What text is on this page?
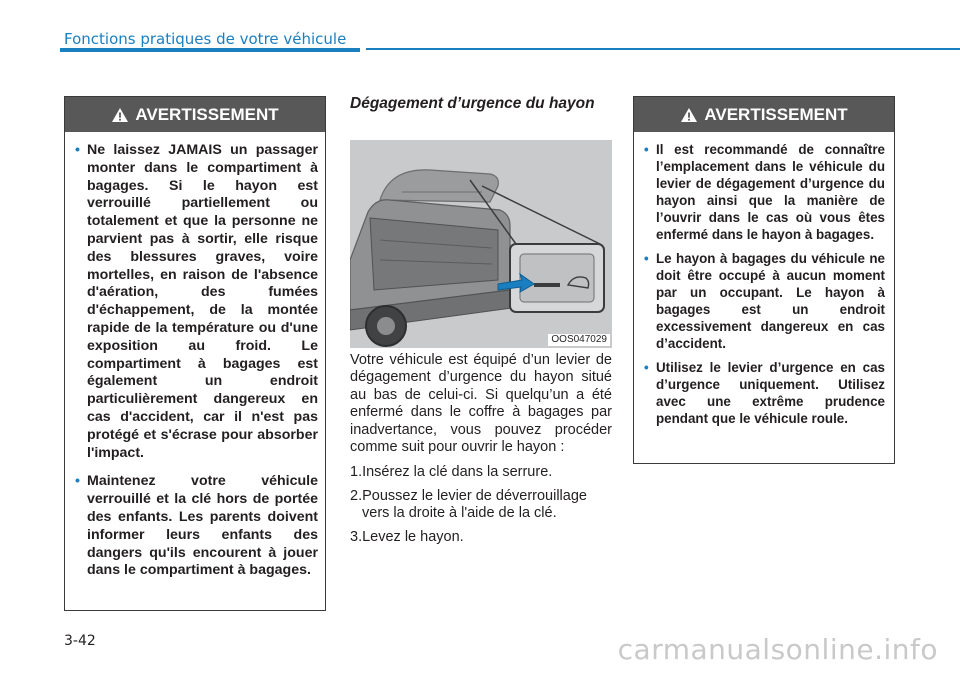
Fonctions pratiques de votre véhicule
AVERTISSEMENT
• Ne laissez JAMAIS un passager monter dans le compartiment à bagages. Si le hayon est verrouillé partiellement ou totalement et que la personne ne parvient pas à sortir, elle risque des blessures graves, voire mortelles, en raison de l'absence d'aération, des fumées d'échappement, de la montée rapide de la température ou d'une exposition au froid. Le compartiment à bagages est également un endroit particulièrement dangereux en cas d'accident, car il n'est pas protégé et s'écrase pour absorber l'impact.
• Maintenez votre véhicule verrouillé et la clé hors de portée des enfants. Les parents doivent informer leurs enfants des dangers qu'ils encourent à jouer dans le compartiment à bagages.
Dégagement d’urgence du hayon
OOS047029

Votre véhicule est équipé d’un levier de dégagement d’urgence du hayon situé au bas de celui-ci. Si quelqu’un a été enfermé dans le coffre à bagages par inadvertance, vous pouvez procéder comme suit pour ouvrir le hayon :

1.Insérez la clé dans la serrure.
2.Poussez le levier de déverrouillage vers la droite à l'aide de la clé.
3.Levez le hayon.
AVERTISSEMENT
• Il est recommandé de connaître l’emplacement dans le véhicule du levier de dégagement d’urgence du hayon ainsi que la manière de l’ouvrir dans le cas où vous êtes enfermé dans le hayon à bagages.
• Le hayon à bagages du véhicule ne doit être occupé à aucun moment par un occupant. Le hayon à bagages est un endroit excessivement dangereux en cas d’accident.
• Utilisez le levier d’urgence en cas d’urgence uniquement. Utilisez avec une extrême prudence pendant que le véhicule roule.
3-42	carmanualsonline.info
